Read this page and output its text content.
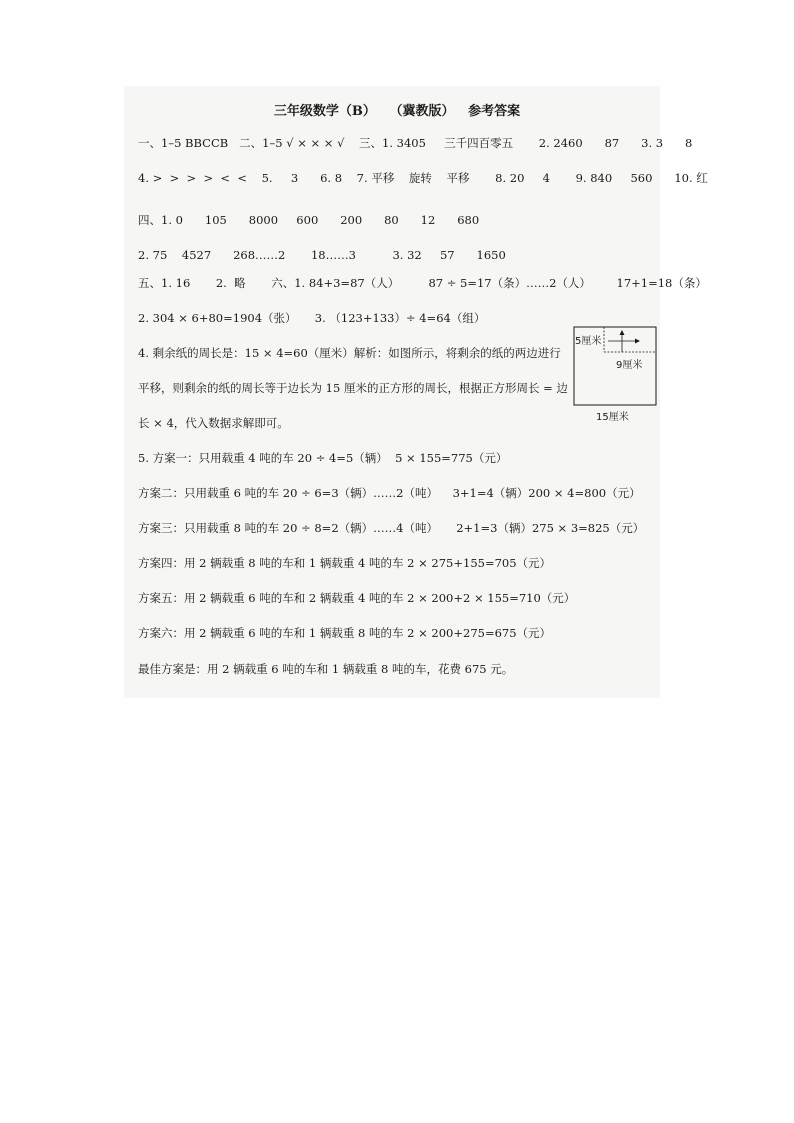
三年级数学（B）   （冀教版）   参考答案
一、1–5 BBCCB   二、1–5 √ × × × √    三、1. 3405     三千四百零五       2. 2460      87      3. 3      8
4. >  >  >  >  <  <    5.     3      6. 8    7. 平移    旋转    平移       8. 20     4       9. 840     560      10. 红
四、1. 0      105      8000     600      200      80      12      680
2. 75    4527      268……2       18……3          3. 32     57      1650
五、1. 16       2.  略       六、1. 84+3=87（人）        87 ÷ 5=17（条）……2（人）       17+1=18（条）
2. 304 × 6+80=1904（张）     3. （123+133）÷ 4=64（组）
4. 剩余纸的周长是：15 × 4=60（厘米）解析：如图所示，将剩余的纸的两边进行
平移，则剩余的纸的周长等于边长为 15 厘米的正方形的周长，根据正方形周长 = 边
长 × 4，代入数据求解即可。
5. 方案一：只用载重 4 吨的车 20 ÷ 4=5（辆）  5 × 155=775（元）
方案二：只用载重 6 吨的车 20 ÷ 6=3（辆）……2（吨）    3+1=4（辆）200 × 4=800（元）
方案三：只用载重 8 吨的车 20 ÷ 8=2（辆）……4（吨）     2+1=3（辆）275 × 3=825（元）
方案四：用 2 辆载重 8 吨的车和 1 辆载重 4 吨的车 2 × 275+155=705（元）
方案五：用 2 辆载重 6 吨的车和 2 辆载重 4 吨的车 2 × 200+2 × 155=710（元）
方案六：用 2 辆载重 6 吨的车和 1 辆载重 8 吨的车 2 × 200+275=675（元）
最佳方案是：用 2 辆载重 6 吨的车和 1 辆载重 8 吨的车，花费 675 元。
5厘米
9厘米
15厘米
